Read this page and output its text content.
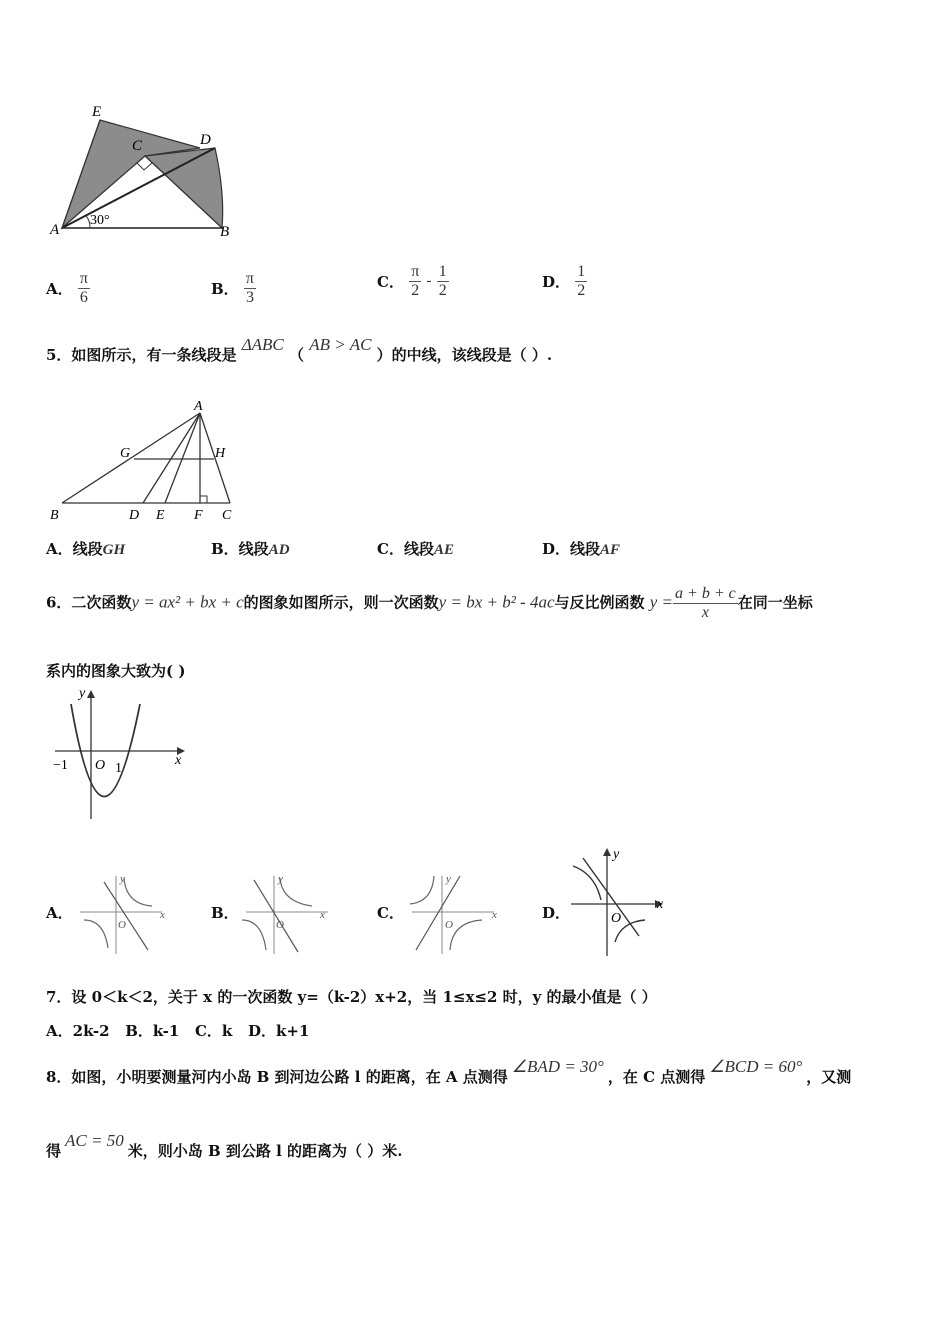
E
C	D
A	B
30°
A． $\frac{\pi}{6}$	B． $\frac{\pi}{3}$	C． $\frac{\pi}{2} - \frac{1}{2}$	D． $\frac{1}{2}$
5．如图所示，有一条线段是 ΔABC （ AB > AC ）的中线，该线段是（ ）.
A
G	H
B	D E F C
A．线段GH	B．线段AD	C．线段AE	D．线段AF
6．二次函数y = ax² + bx + c的图象如图所示，则一次函数y = bx + b² - 4ac与反比例函数 $y = \frac{a + b + c}{x}$ 在同一坐标
系内的图象大致为( )
y
x
−1 O 1
A．	B．	C．	D．
O
y
x
O
y
x
O
y
x	O
y
x
7．设 0＜k＜2，关于 x 的一次函数 y=（k-2）x+2，当 1≤x≤2 时，y 的最小值是（ ）
A．2k-2   B．k-1   C．k   D．k+1
8．如图，小明要测量河内小岛 B 到河边公路 l 的距离，在 A 点测得∠BAD = 30°，在 C 点测得∠BCD = 60°，又测
得AC = 50米，则小岛 B 到公路 l 的距离为（ ）米.
